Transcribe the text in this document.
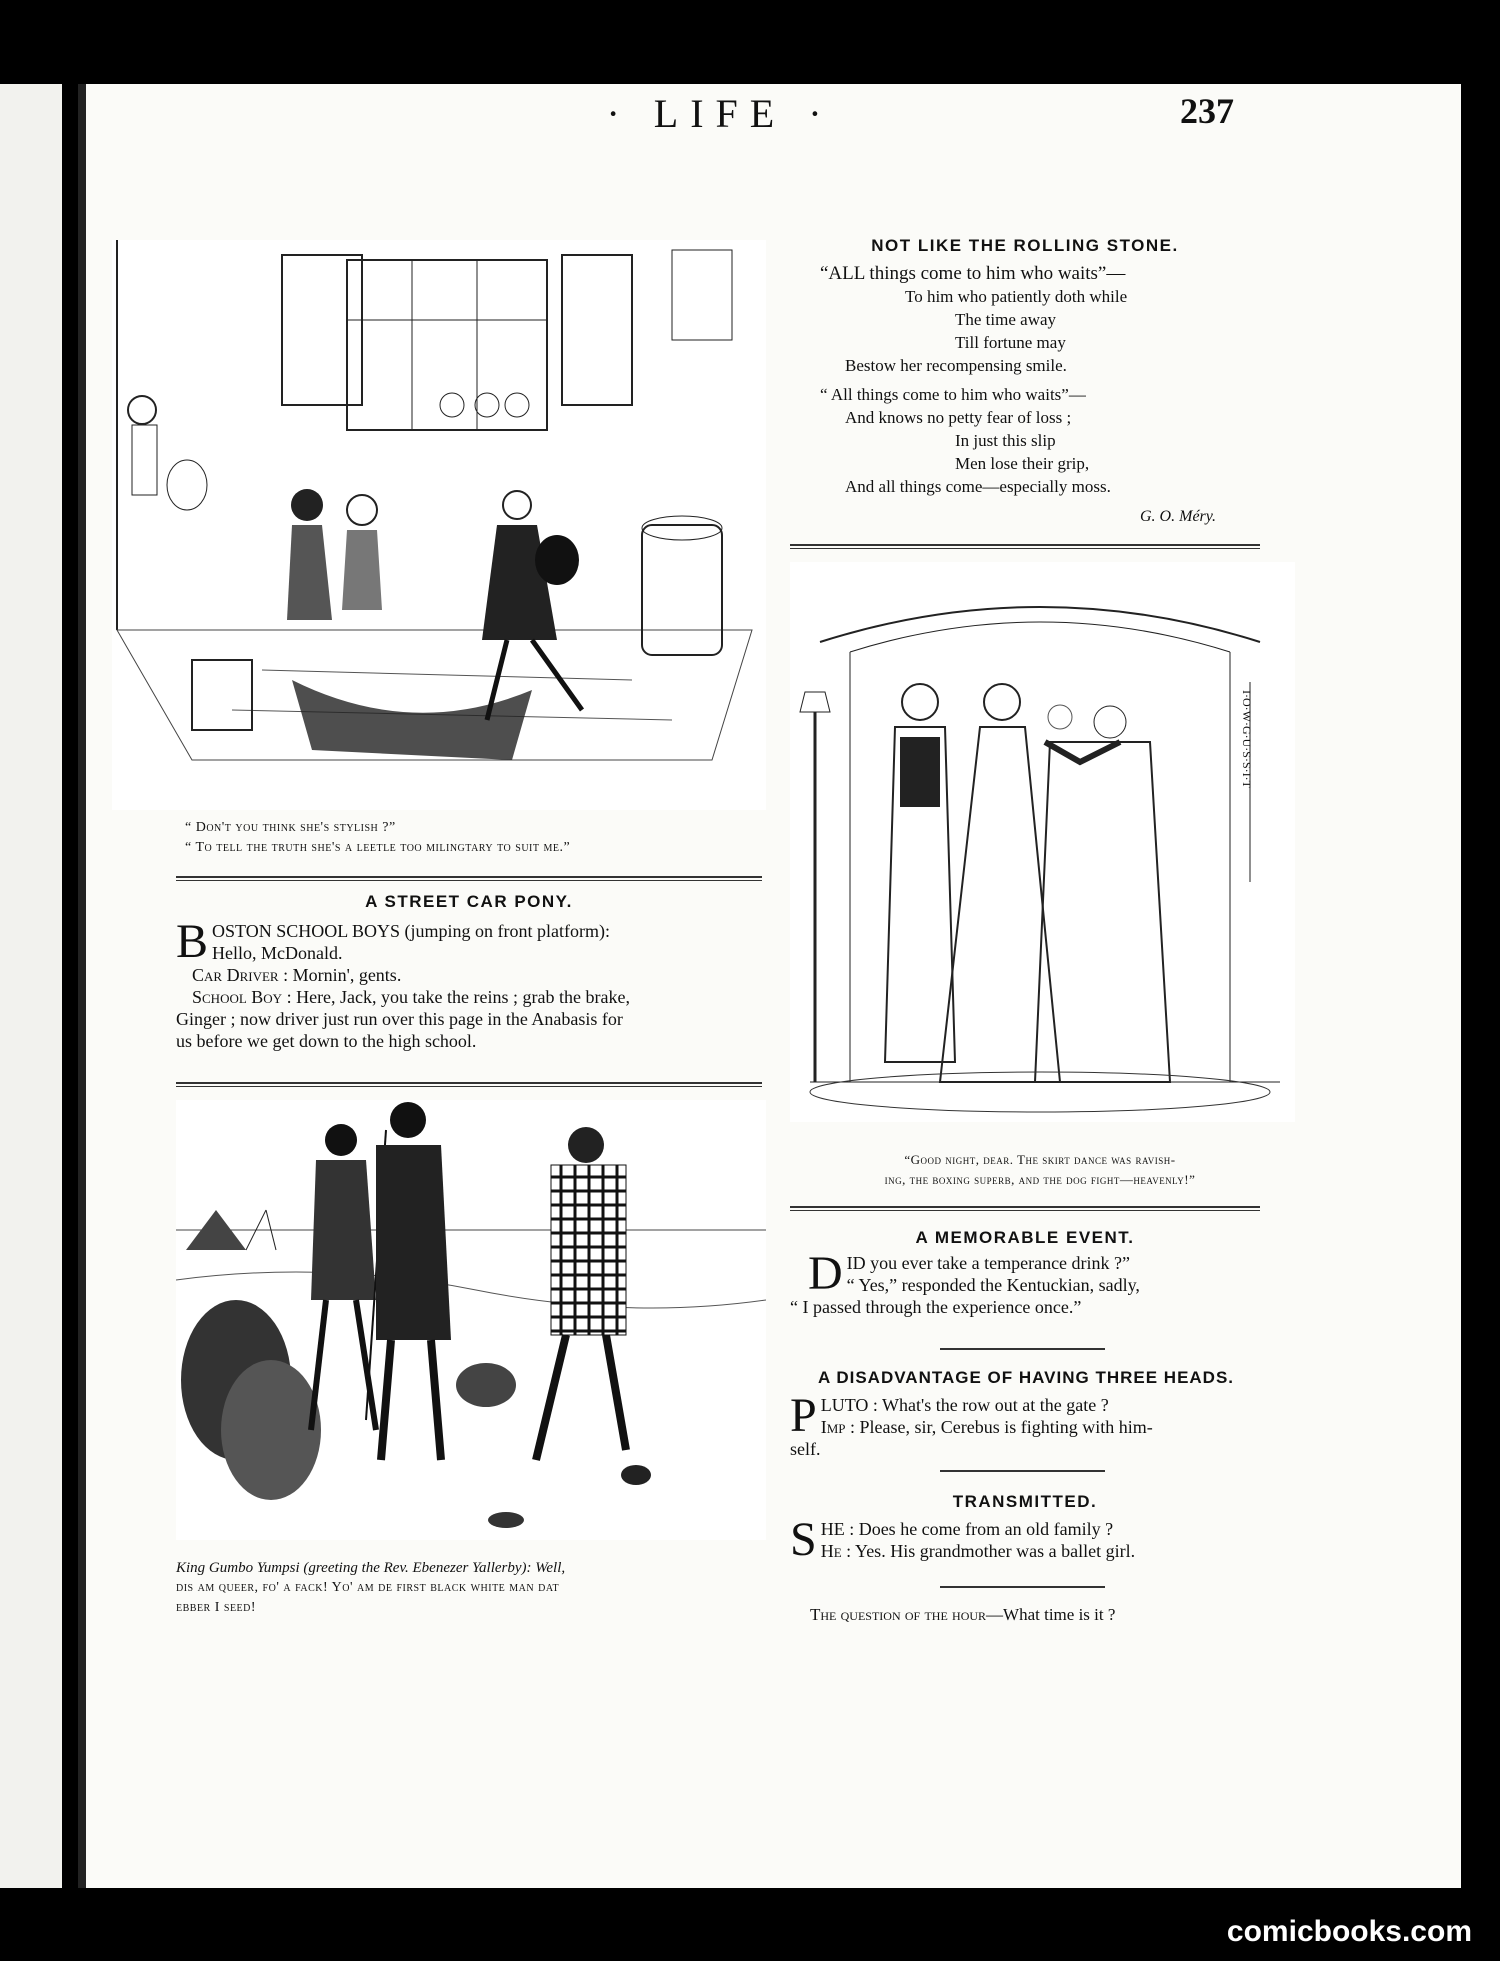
· LIFE ·	237
“ Don't you think she's stylish ?”
“ To tell the truth she's a leetle too milingtary to suit me.”
A STREET CAR PONY.
B OSTON SCHOOL BOYS (jumping on front platform):
Hello, McDonald.
Car Driver : Mornin', gents.
School Boy : Here, Jack, you take the reins ; grab the brake,
Ginger ; now driver just run over this page in the Anabasis for
us before we get down to the high school.
King Gumbo Yumpsi (greeting the Rev. Ebenezer Yallerby): Well,
dis am queer, fo' a fack! Yo' am de first black white man dat
ebber I seed!
NOT LIKE THE ROLLING STONE.
“ALL things come to him who waits”—
To him who patiently doth while
The time away
Till fortune may
Bestow her recompensing smile.
“ All things come to him who waits”—
And knows no petty fear of loss ;
In just this slip
Men lose their grip,
And all things come—especially moss.
G. O. Méry.
I·O·W·G·U·S·S·I·T
“Good night, dear. The skirt dance was ravish-
ing, the boxing superb, and the dog fight—heavenly!”
A MEMORABLE EVENT.
D ID you ever take a temperance drink ?”
“ Yes,” responded the Kentuckian, sadly,
“ I passed through the experience once.”
A DISADVANTAGE OF HAVING THREE HEADS.
P LUTO : What's the row out at the gate ?
Imp : Please, sir, Cerebus is fighting with him-
self.
TRANSMITTED.
S HE : Does he come from an old family ?
He : Yes. His grandmother was a ballet girl.
The question of the hour—What time is it ?
comicbooks.com
